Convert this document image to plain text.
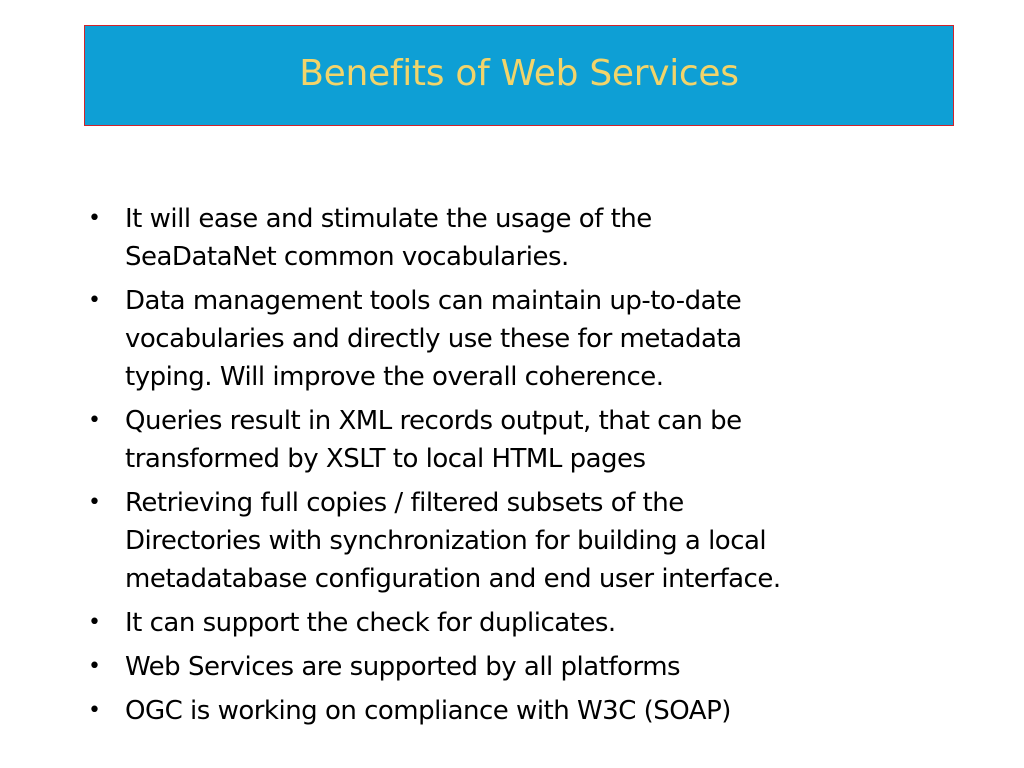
Benefits of Web Services
• It will ease and stimulate the usage of the
SeaDataNet common vocabularies.
• Data management tools can maintain up-to-date
vocabularies and directly use these for metadata
typing. Will improve the overall coherence.
• Queries result in XML records output, that can be
transformed by XSLT to local HTML pages
• Retrieving full copies / filtered subsets of the
Directories with synchronization for building a local
metadatabase configuration and end user interface.
• It can support the check for duplicates.
• Web Services are supported by all platforms
• OGC is working on compliance with W3C (SOAP)
